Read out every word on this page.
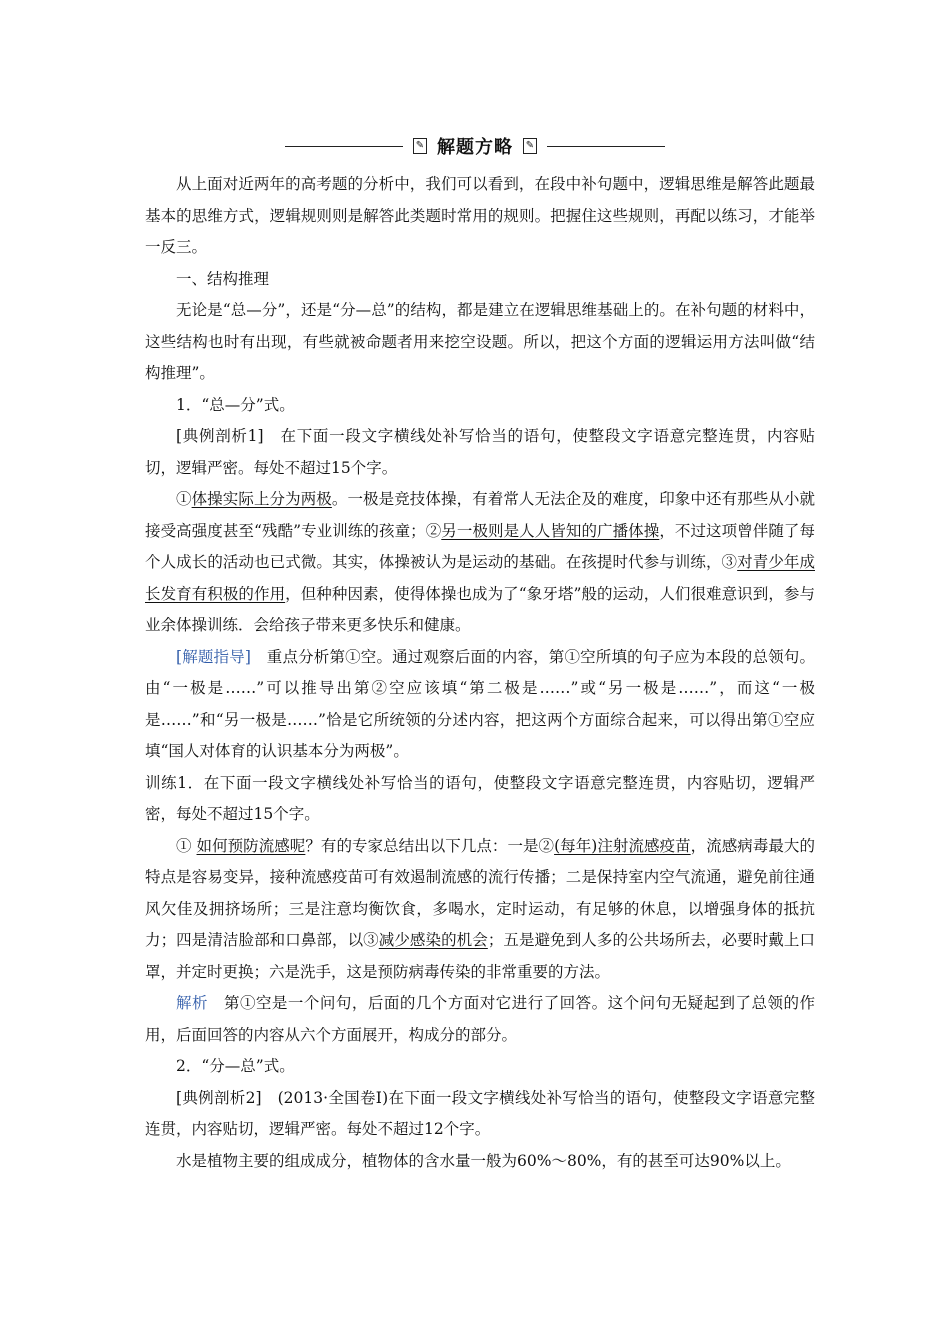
✎ 解题方略 ✎

从上面对近两年的高考题的分析中，我们可以看到，在段中补句题中，逻辑思维是解答此题最基本的思维方式，逻辑规则则是解答此类题时常用的规则。把握住这些规则，再配以练习，才能举一反三。

一、结构推理

无论是“总—分”，还是“分—总”的结构，都是建立在逻辑思维基础上的。在补句题的材料中，这些结构也时有出现，有些就被命题者用来挖空设题。所以，把这个方面的逻辑运用方法叫做“结构推理”。

1．“总—分”式。

[典例剖析1]　在下面一段文字横线处补写恰当的语句，使整段文字语意完整连贯，内容贴切，逻辑严密。每处不超过15个字。

①体操实际上分为两极。一极是竞技体操，有着常人无法企及的难度，印象中还有那些从小就接受高强度甚至“残酷”专业训练的孩童；②另一极则是人人皆知的广播体操，不过这项曾伴随了每个人成长的活动也已式微。其实，体操被认为是运动的基础。在孩提时代参与训练，③对青少年成长发育有积极的作用，但种种因素，使得体操也成为了“象牙塔”般的运动，人们很难意识到，参与业余体操训练．会给孩子带来更多快乐和健康。

[解题指导]　重点分析第①空。通过观察后面的内容，第①空所填的句子应为本段的总领句。由“一极是……”可以推导出第②空应该填“第二极是……”或“另一极是……”，而这“一极是……”和“另一极是……”恰是它所统领的分述内容，把这两个方面综合起来，可以得出第①空应填“国人对体育的认识基本分为两极”。

训练1．在下面一段文字横线处补写恰当的语句，使整段文字语意完整连贯，内容贴切，逻辑严密，每处不超过15个字。

① 如何预防流感呢？有的专家总结出以下几点：一是②(每年)注射流感疫苗，流感病毒最大的特点是容易变异，接种流感疫苗可有效遏制流感的流行传播；二是保持室内空气流通，避免前往通风欠佳及拥挤场所；三是注意均衡饮食，多喝水，定时运动，有足够的休息，以增强身体的抵抗力；四是清洁脸部和口鼻部，以③减少感染的机会；五是避免到人多的公共场所去，必要时戴上口罩，并定时更换；六是洗手，这是预防病毒传染的非常重要的方法。

解析　第①空是一个问句，后面的几个方面对它进行了回答。这个问句无疑起到了总领的作用，后面回答的内容从六个方面展开，构成分的部分。

2．“分—总”式。

[典例剖析2]　(2013·全国卷Ⅰ)在下面一段文字横线处补写恰当的语句，使整段文字语意完整连贯，内容贴切，逻辑严密。每处不超过12个字。

水是植物主要的组成成分，植物体的含水量一般为60%～80%，有的甚至可达90%以上。
